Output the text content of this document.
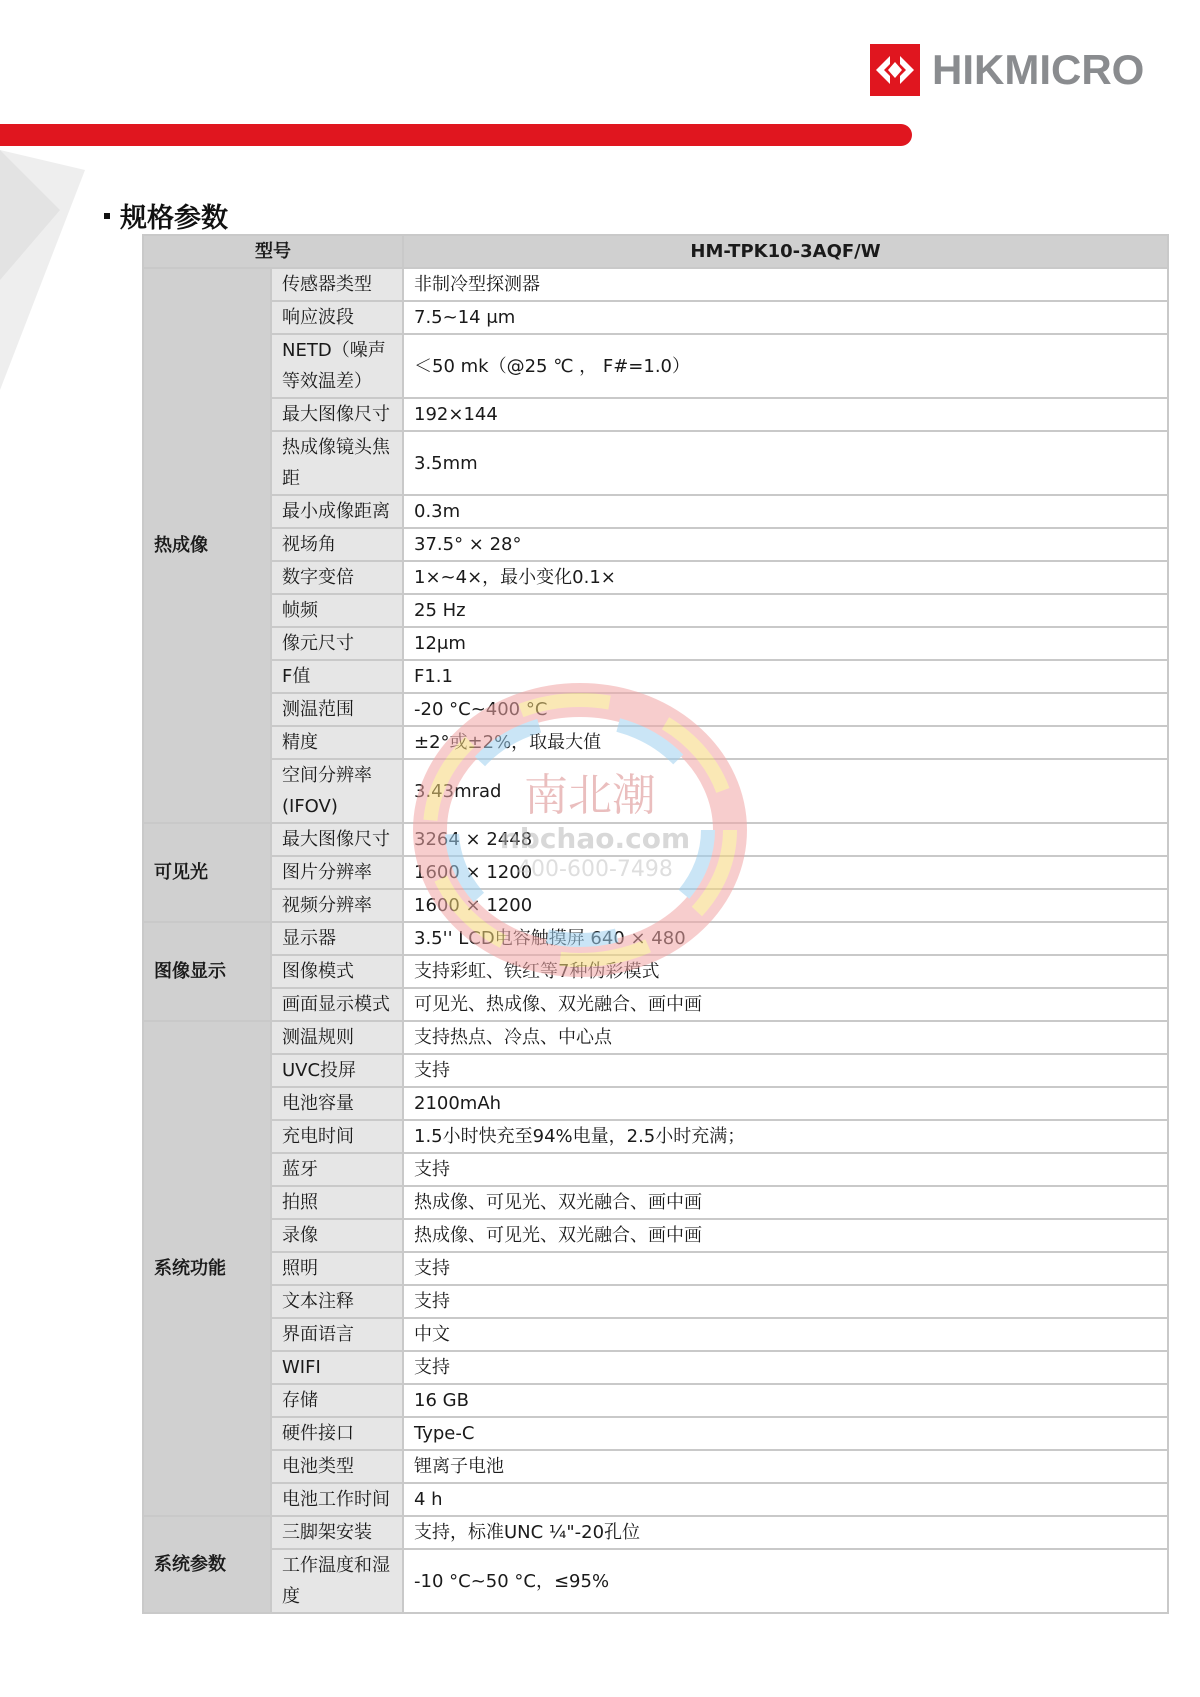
HIKMICRO
规格参数
型号		HM-TPK10-3AQF/W
热成像	传感器类型	非制冷型探测器
	响应波段	7.5~14 μm
	NETD（噪声等效温差）	＜50 mk（@25 ℃ ， F#=1.0）
	最大图像尺寸	192×144
	热成像镜头焦距	3.5mm
	最小成像距离	0.3m
	视场角	37.5° × 28°
	数字变倍	1×~4×，最小变化0.1×
	帧频	25 Hz
	像元尺寸	12μm
	F值	F1.1
	测温范围	-20 °C~400 °C
	精度	±2°或±2%，取最大值
	空间分辨率 (IFOV)	3.43mrad
可见光	最大图像尺寸	3264 × 2448
	图片分辨率	1600 × 1200
	视频分辨率	1600 × 1200
图像显示	显示器	3.5'' LCD电容触摸屏 640 × 480
	图像模式	支持彩虹、铁红等7种伪彩模式
	画面显示模式	可见光、热成像、双光融合、画中画
系统功能	测温规则	支持热点、冷点、中心点
	UVC投屏	支持
	电池容量	2100mAh
	充电时间	1.5小时快充至94%电量，2.5小时充满；
	蓝牙	支持
	拍照	热成像、可见光、双光融合、画中画
	录像	热成像、可见光、双光融合、画中画
	照明	支持
	文本注释	支持
	界面语言	中文
	WIFI	支持
	存储	16 GB
	硬件接口	Type-C
	电池类型	锂离子电池
	电池工作时间	4 h
系统参数	三脚架安装	支持，标准UNC ¼"-20孔位
	工作温度和湿度	-10 °C~50 °C，≤95%
南北潮
nbchao.com
400-600-7498
